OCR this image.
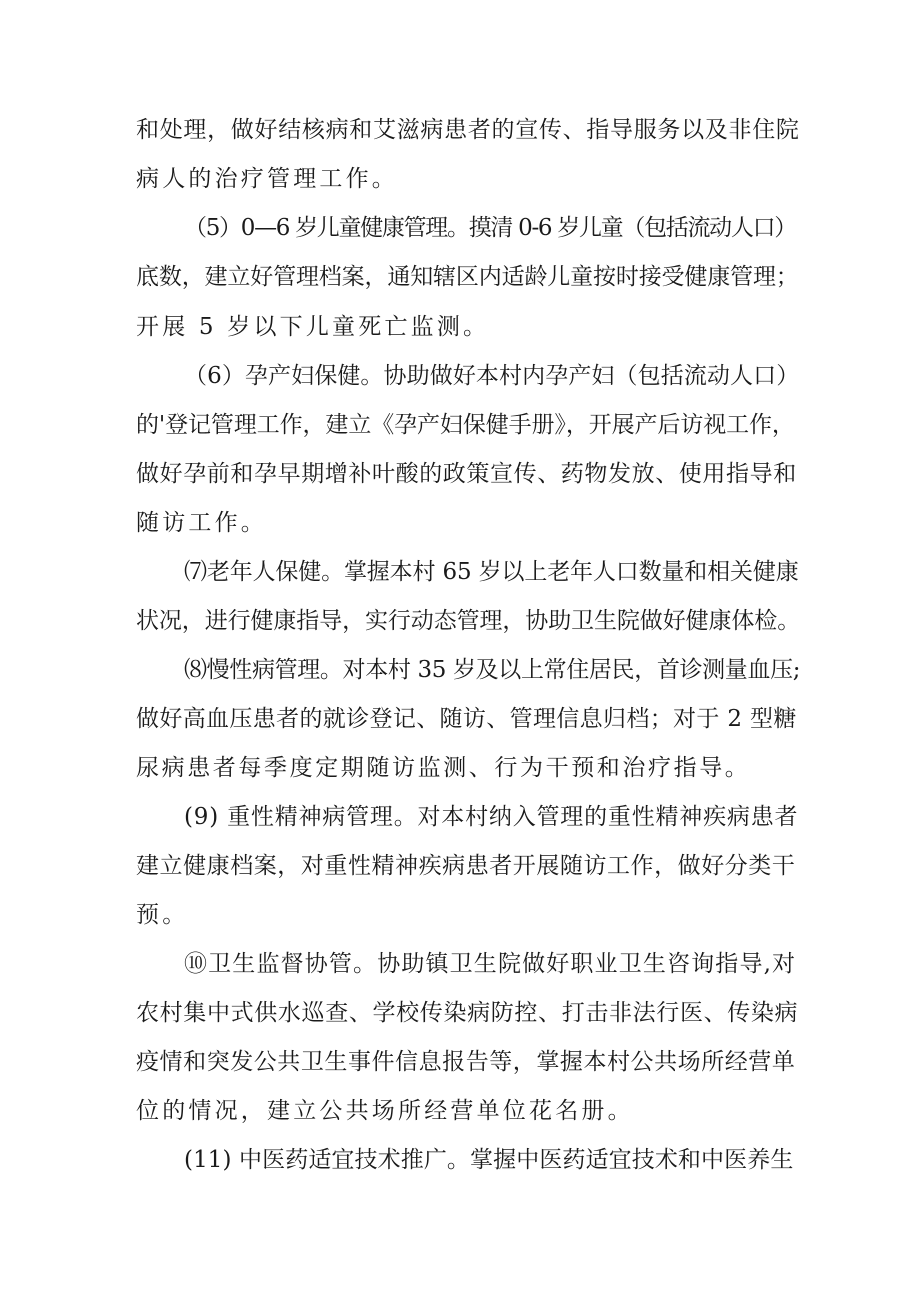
和处理，做好结核病和艾滋病患者的宣传、指导服务以及非住院
病人的治疗管理工作。
（5）0—6 岁儿童健康管理。摸清 0-6 岁儿童（包括流动人口）
底数，建立好管理档案，通知辖区内适龄儿童按时接受健康管理；
开展 5 岁以下儿童死亡监测。
（6）孕产妇保健。协助做好本村内孕产妇（包括流动人口）
的'登记管理工作，建立《孕产妇保健手册》，开展产后访视工作，
做好孕前和孕早期增补叶酸的政策宣传、药物发放、使用指导和
随访工作。
⑺老年人保健。掌握本村 65 岁以上老年人口数量和相关健康
状况，进行健康指导，实行动态管理，协助卫生院做好健康体检。
⑻慢性病管理。对本村 35 岁及以上常住居民，首诊测量血压;
做好高血压患者的就诊登记、随访、管理信息归档；对于 2 型糖
尿病患者每季度定期随访监测、行为干预和治疗指导。
(9) 重性精神病管理。对本村纳入管理的重性精神疾病患者
建立健康档案，对重性精神疾病患者开展随访工作，做好分类干
预。
⑩卫生监督协管。协助镇卫生院做好职业卫生咨询指导,对
农村集中式供水巡查、学校传染病防控、打击非法行医、传染病
疫情和突发公共卫生事件信息报告等，掌握本村公共场所经营单
位的情况，建立公共场所经营单位花名册。
(11) 中医药适宜技术推广。掌握中医药适宜技术和中医养生
